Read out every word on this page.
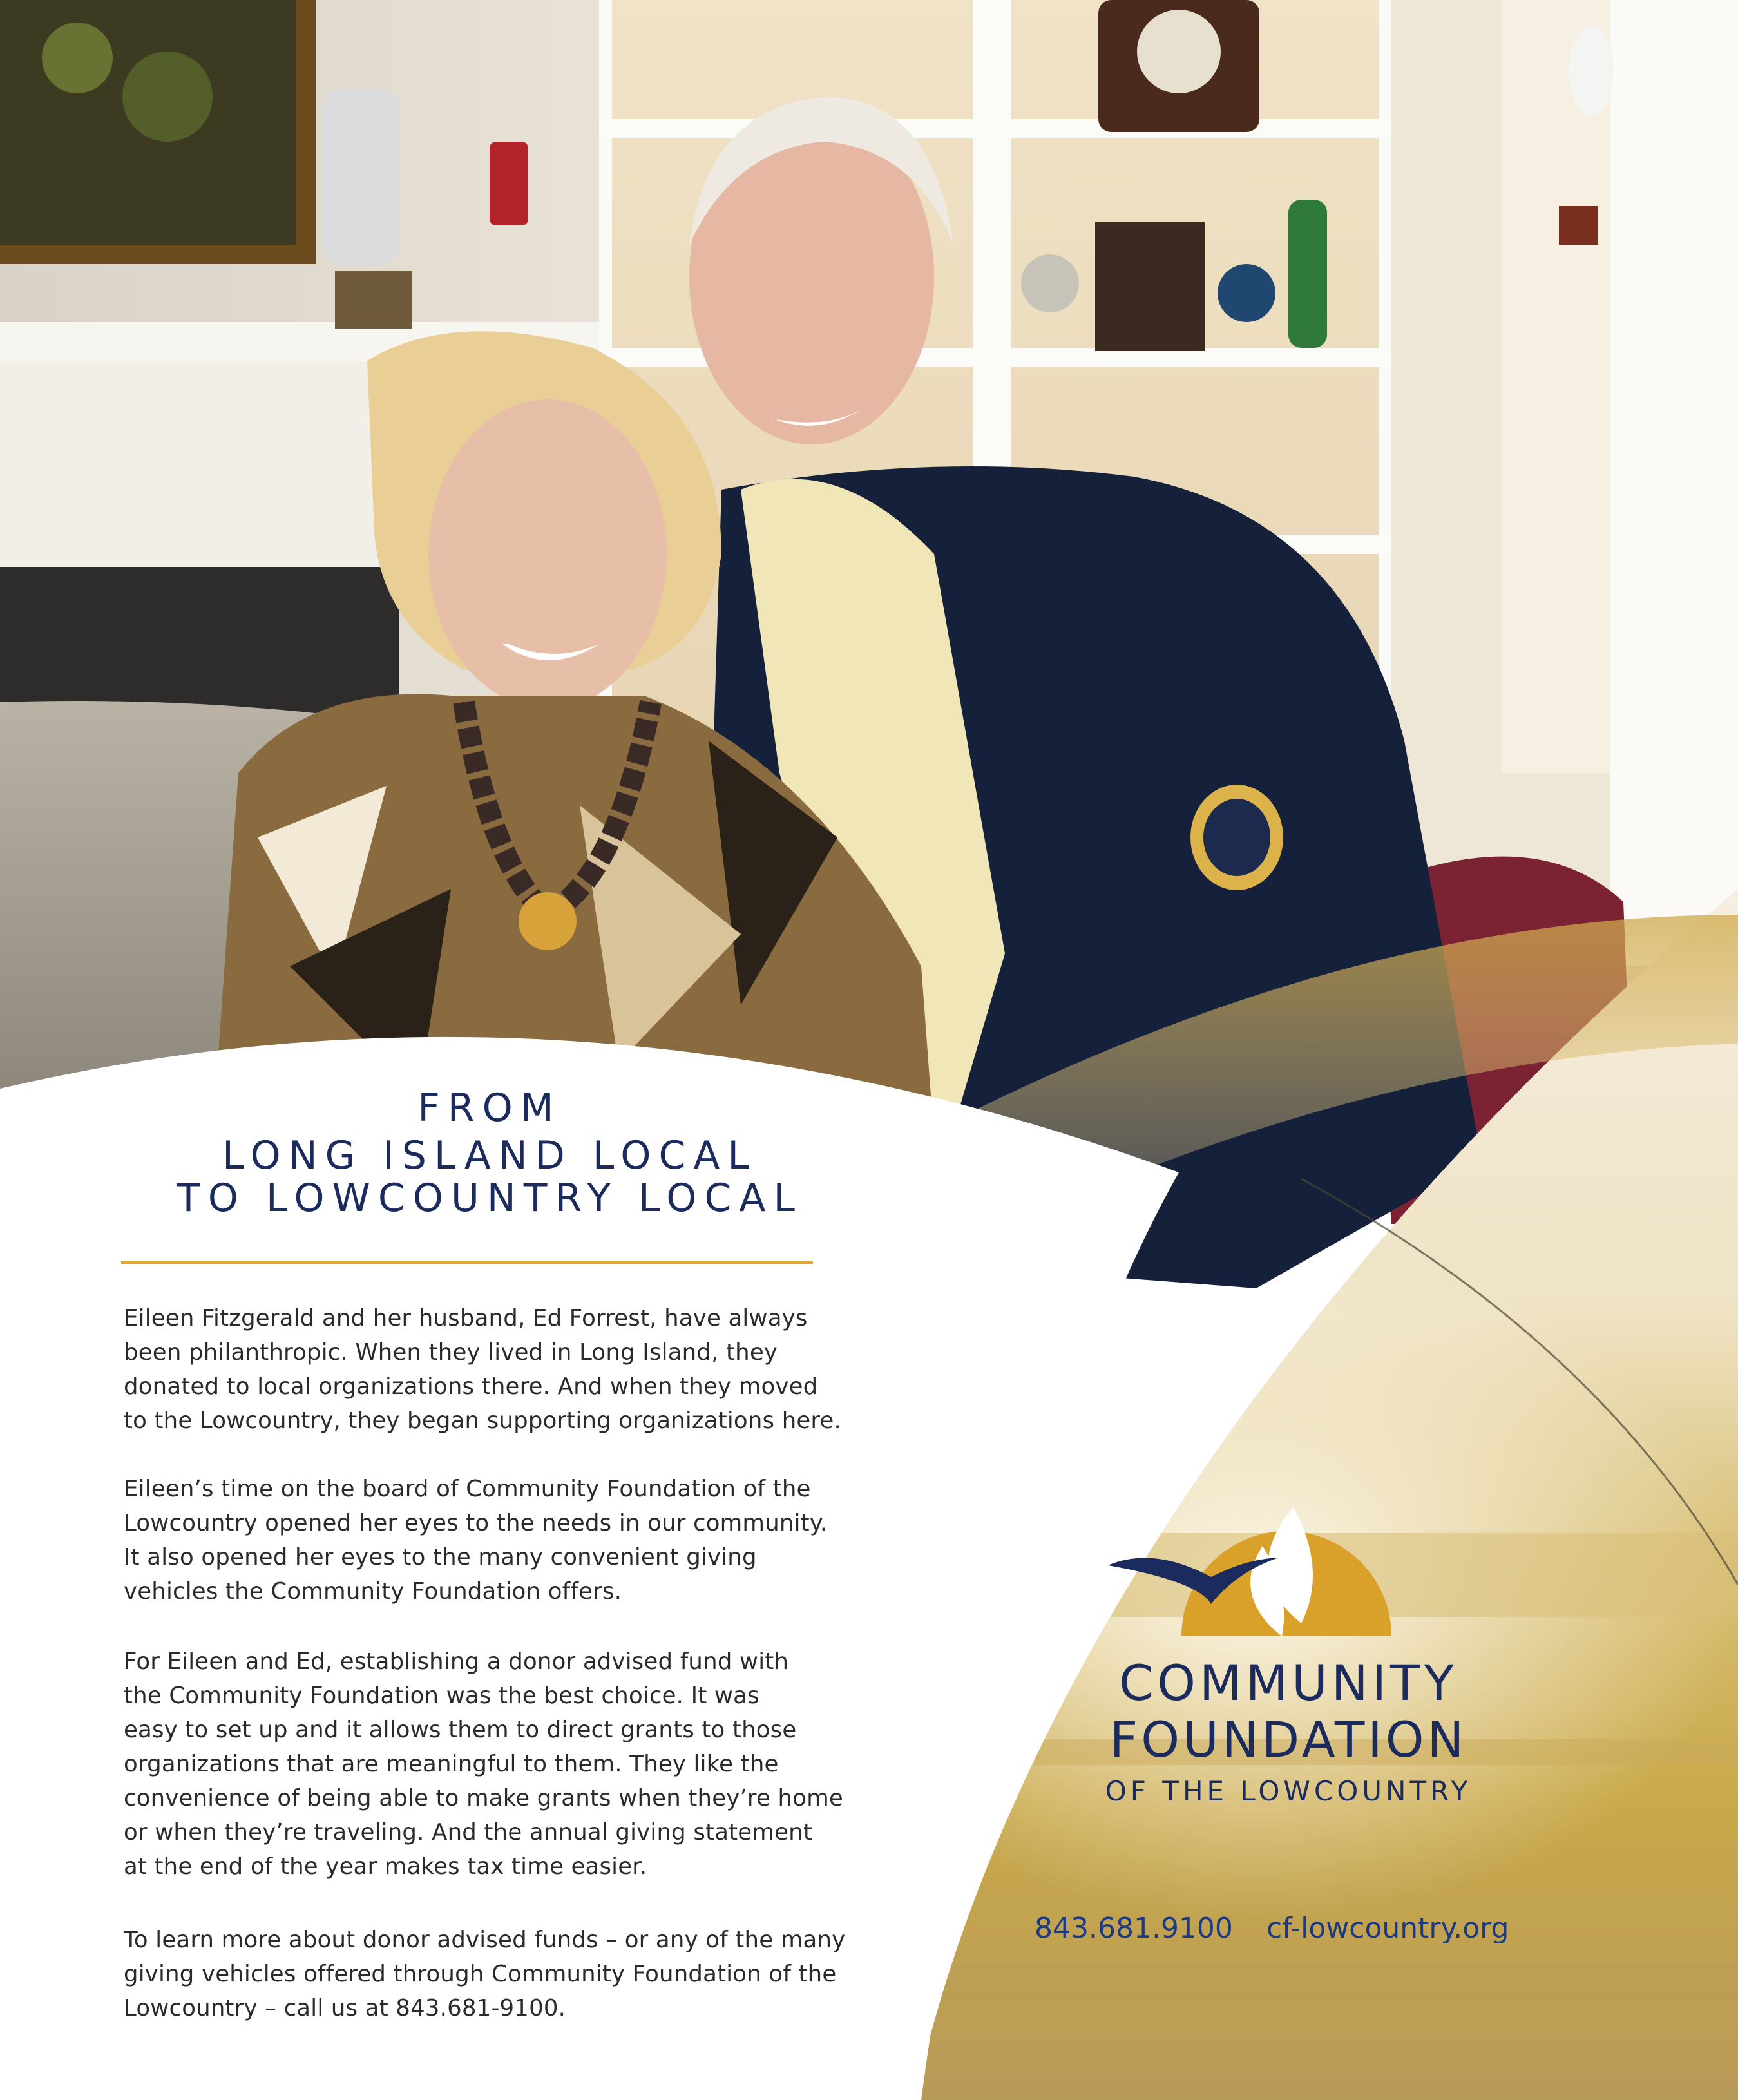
FROM
LONG ISLAND LOCAL
TO LOWCOUNTRY LOCAL
Eileen Fitzgerald and her husband, Ed Forrest, have always
been philanthropic. When they lived in Long Island, they
donated to local organizations there. And when they moved
to the Lowcountry, they began supporting organizations here.
Eileen’s time on the board of Community Foundation of the
Lowcountry opened her eyes to the needs in our community.
It also opened her eyes to the many convenient giving
vehicles the Community Foundation offers.
For Eileen and Ed, establishing a donor advised fund with
the Community Foundation was the best choice. It was
easy to set up and it allows them to direct grants to those
organizations that are meaningful to them. They like the
convenience of being able to make grants when they’re home
or when they’re traveling. And the annual giving statement
at the end of the year makes tax time easier.
To learn more about donor advised funds – or any of the many
giving vehicles offered through Community Foundation of the
Lowcountry – call us at 843.681-9100.
COMMUNITY
FOUNDATION
OF THE LOWCOUNTRY
843.681.9100 cf-lowcountry.org
